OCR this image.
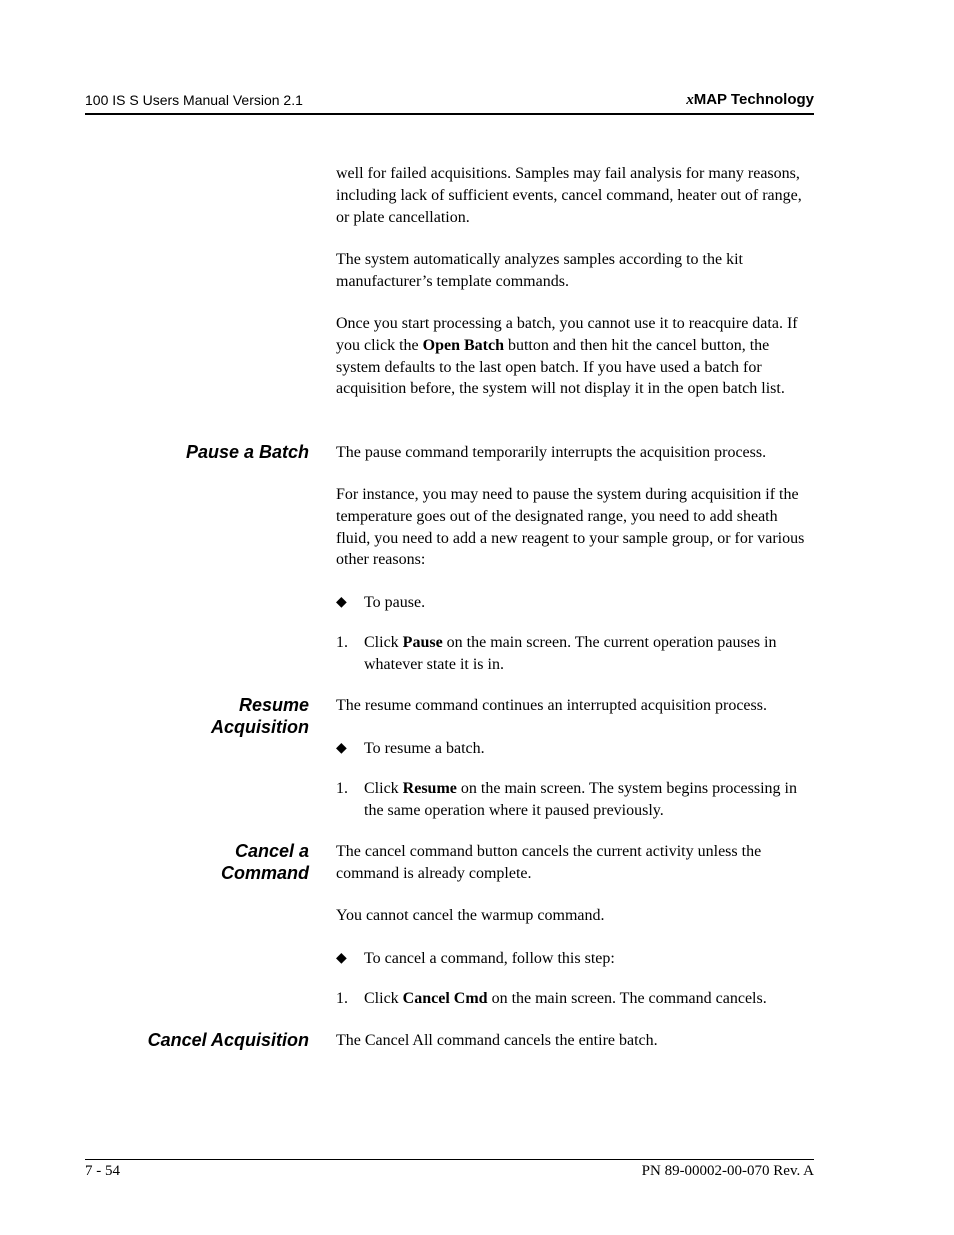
100 IS S Users Manual Version 2.1	xMAP Technology

well for failed acquisitions. Samples may fail analysis for many reasons, including lack of sufficient events, cancel command, heater out of range, or plate cancellation.

The system automatically analyzes samples according to the kit manufacturer’s template commands.

Once you start processing a batch, you cannot use it to reacquire data. If you click the Open Batch button and then hit the cancel button, the system defaults to the last open batch. If you have used a batch for acquisition before, the system will not display it in the open batch list.

Pause a Batch The pause command temporarily interrupts the acquisition process.

For instance, you may need to pause the system during acquisition if the temperature goes out of the designated range, you need to add sheath fluid, you need to add a new reagent to your sample group, or for various other reasons:

◆ To pause.
1. Click Pause on the main screen. The current operation pauses in whatever state it is in.
Resume
Acquisition

The resume command continues an interrupted acquisition process.

◆ To resume a batch.
1. Click Resume on the main screen. The system begins processing in the same operation where it paused previously.
Cancel a
Command

The cancel command button cancels the current activity unless the command is already complete.

You cannot cancel the warmup command.

◆ To cancel a command, follow this step:
1. Click Cancel Cmd on the main screen. The command cancels.
Cancel Acquisition The Cancel All command cancels the entire batch.

7 - 54	PN 89-00002-00-070 Rev. A
